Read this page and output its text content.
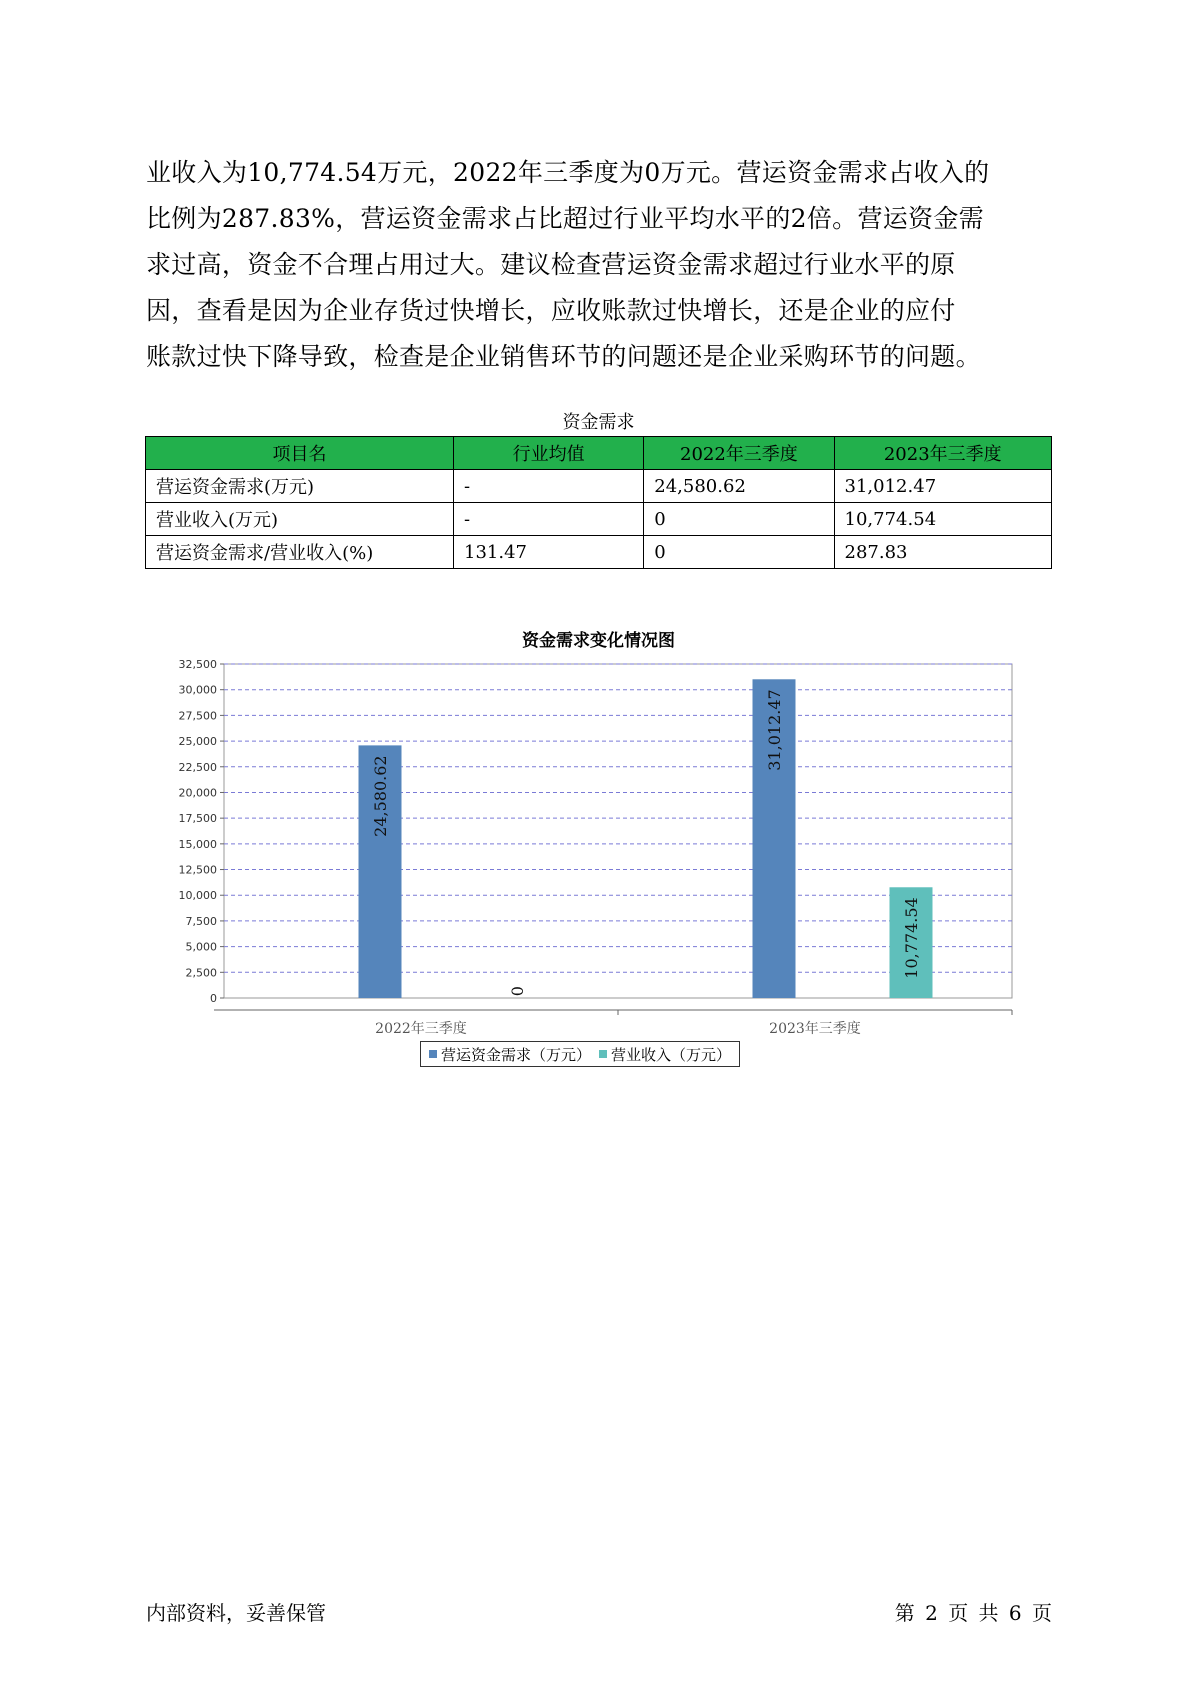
业收入为10,774.54万元，2022年三季度为0万元。营运资金需求占收入的

比例为287.83%，营运资金需求占比超过行业平均水平的2倍。营运资金需

求过高，资金不合理占用过大。建议检查营运资金需求超过行业水平的原

因，查看是因为企业存货过快增长，应收账款过快增长，还是企业的应付

账款过快下降导致，检查是企业销售环节的问题还是企业采购环节的问题。

资金需求
项目名	行业均值	2022年三季度	2023年三季度
营运资金需求(万元)	-	24,580.62	31,012.47
营业收入(万元)	-	0	10,774.54
营运资金需求/营业收入(%)	131.47	0	287.83
资金需求变化情况图
0
2,500
5,000
7,500
10,000
12,500
15,000
17,500
20,000
22,500
25,000
27,500
30,000
32,500
2022年三季度
24,580.62
0
2023年三季度
31,012.47
10,774.54
营运资金需求（万元） 营业收入（万元）
内部资料，妥善保管	第 2 页 共 6 页
